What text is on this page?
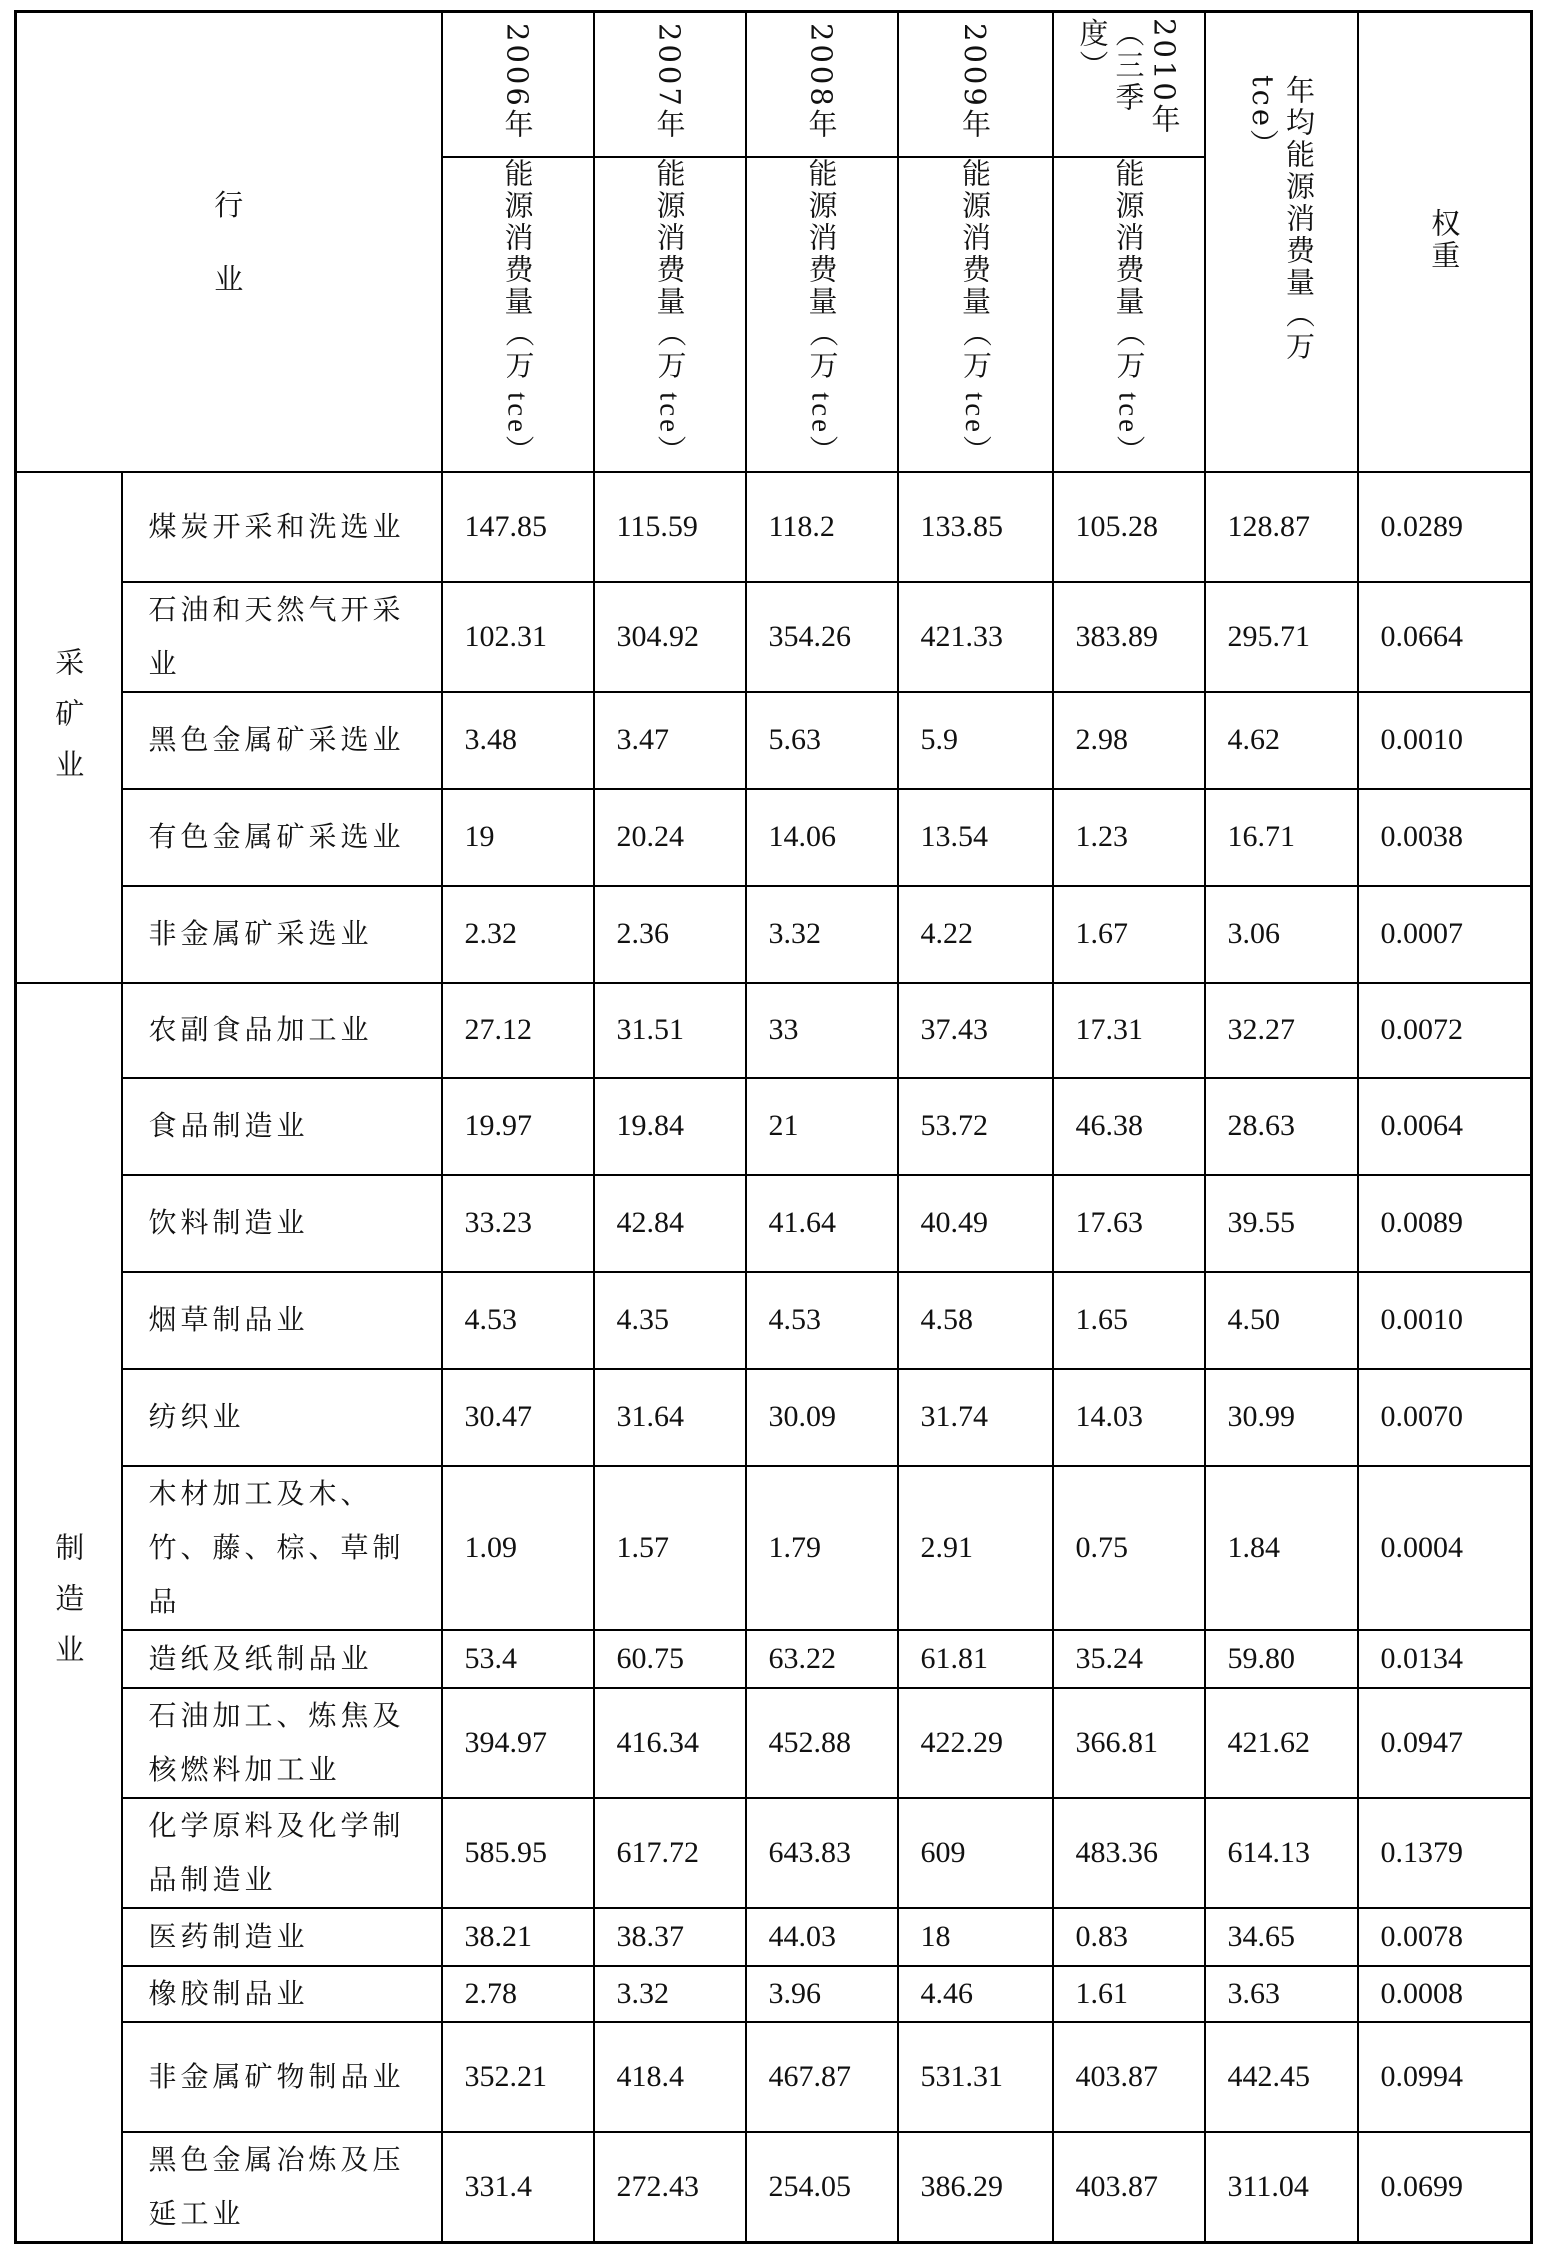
行
业		2006年	2007年	2008年	2009年	2010年（三季度）	年均能源消费量（万 tce）	权重
		能源消费量（万 tce）	能源消费量（万 tce）	能源消费量（万 tce）	能源消费量（万 tce）	能源消费量（万 tce）		
采矿业	煤炭开采和洗选业	147.85	115.59	118.2	133.85	105.28	128.87	0.0289
	石油和天然气开采业	102.31	304.92	354.26	421.33	383.89	295.71	0.0664
	黑色金属矿采选业	3.48	3.47	5.63	5.9	2.98	4.62	0.0010
	有色金属矿采选业	19	20.24	14.06	13.54	1.23	16.71	0.0038
	非金属矿采选业	2.32	2.36	3.32	4.22	1.67	3.06	0.0007
制造业	农副食品加工业	27.12	31.51	33	37.43	17.31	32.27	0.0072
	食品制造业	19.97	19.84	21	53.72	46.38	28.63	0.0064
	饮料制造业	33.23	42.84	41.64	40.49	17.63	39.55	0.0089
	烟草制品业	4.53	4.35	4.53	4.58	1.65	4.50	0.0010
	纺织业	30.47	31.64	30.09	31.74	14.03	30.99	0.0070
	木材加工及木、竹、藤、棕、草制品	1.09	1.57	1.79	2.91	0.75	1.84	0.0004
	造纸及纸制品业	53.4	60.75	63.22	61.81	35.24	59.80	0.0134
	石油加工、炼焦及核燃料加工业	394.97	416.34	452.88	422.29	366.81	421.62	0.0947
	化学原料及化学制品制造业	585.95	617.72	643.83	609	483.36	614.13	0.1379
	医药制造业	38.21	38.37	44.03	18	0.83	34.65	0.0078
	橡胶制品业	2.78	3.32	3.96	4.46	1.61	3.63	0.0008
	非金属矿物制品业	352.21	418.4	467.87	531.31	403.87	442.45	0.0994
	黑色金属冶炼及压延工业	331.4	272.43	254.05	386.29	403.87	311.04	0.0699
